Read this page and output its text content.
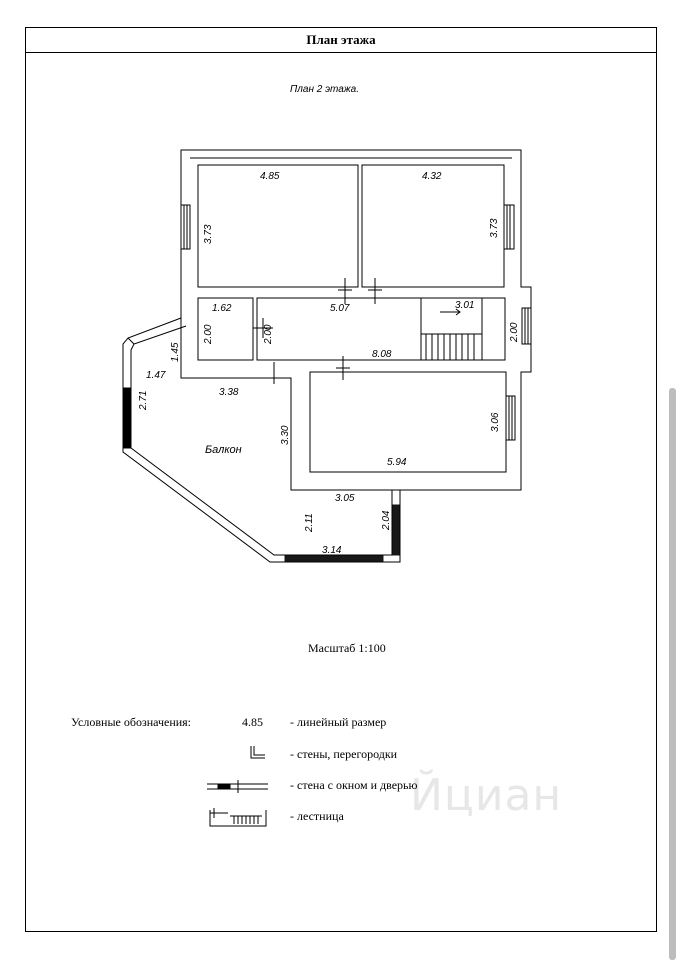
План этажа
Йциан
План 2 этажа.
4.85	4.32
3.73	3.73
1.62
2.00	2.00
5.07	3.01
2.00
8.08
1.45
1.47
2.71	3.38
3.30
3.06
5.94
3.05
2.11	2.04
3.14
Балкон
Масштаб 1:100
Условные обозначения:	4.85 - линейный размер
- стены, перегородки
- стена с окном и дверью
- лестница
